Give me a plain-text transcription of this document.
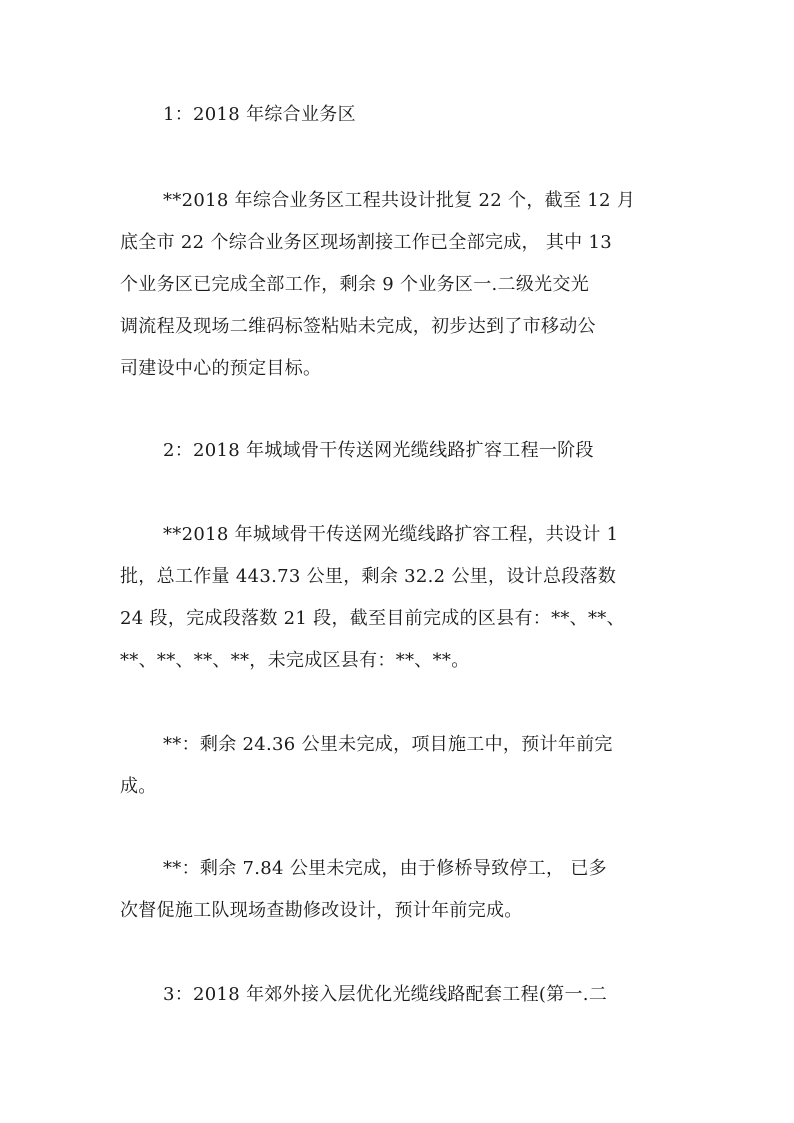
1：2018 年综合业务区
**2018 年综合业务区工程共设计批复 22 个，截至 12 月
底全市 22 个综合业务区现场割接工作已全部完成， 其中 13
个业务区已完成全部工作，剩余 9 个业务区一.二级光交光
调流程及现场二维码标签粘贴未完成，初步达到了市移动公
司建设中心的预定目标。
2：2018 年城域骨干传送网光缆线路扩容工程一阶段
**2018 年城域骨干传送网光缆线路扩容工程，共设计 1
批，总工作量 443.73 公里，剩余 32.2 公里，设计总段落数
24 段，完成段落数 21 段，截至目前完成的区县有：**、**、
**、**、**、**，未完成区县有：**、**。
**：剩余 24.36 公里未完成，项目施工中，预计年前完
成。
**：剩余 7.84 公里未完成，由于修桥导致停工， 已多
次督促施工队现场查勘修改设计，预计年前完成。
3：2018 年郊外接入层优化光缆线路配套工程(第一.二
